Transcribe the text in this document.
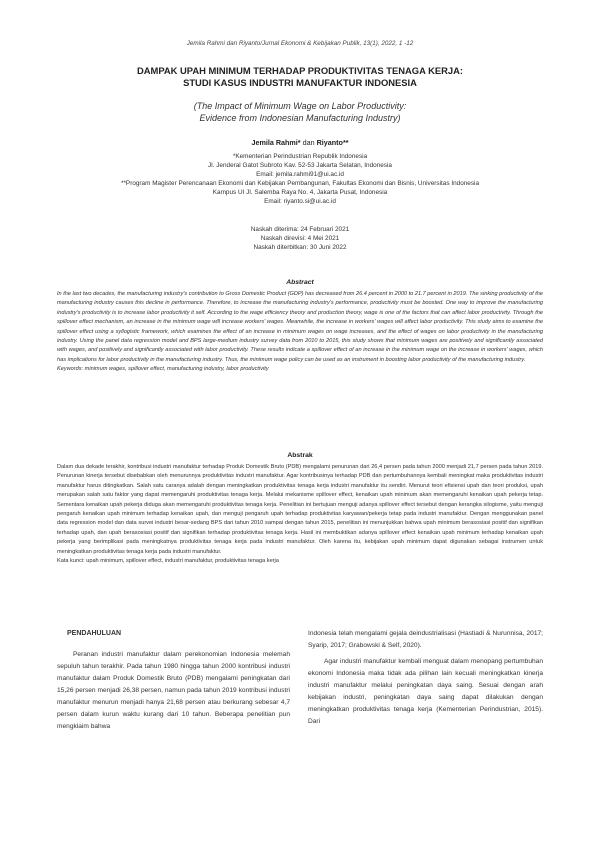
Jemila Rahmi dan Riyanto/Jurnal Ekonomi & Kebijakan Publik, 13(1), 2022, 1 -12
DAMPAK UPAH MINIMUM TERHADAP PRODUKTIVITAS TENAGA KERJA:
STUDI KASUS INDUSTRI MANUFAKTUR INDONESIA
(The Impact of Minimum Wage on Labor Productivity:
Evidence from Indonesian Manufacturing Industry)
Jemila Rahmi* dan Riyanto**
*Kementerian Perindustrian Republik Indonesia
Jl. Jenderal Gatot Subroto Kav. 52-53 Jakarta Selatan, Indonesia
Email: jemila.rahmi91@ui.ac.id
**Program Magister Perencanaan Ekonomi dan Kebijakan Pembangunan, Fakultas Ekonomi dan Bisnis, Universitas Indonesia
Kampus UI Jl. Salemba Raya No. 4, Jakarta Pusat, Indonesia
Email: riyanto.si@ui.ac.id
Naskah diterima: 24 Februari 2021
Naskah direvisi: 4 Mei 2021
Naskah diterbitkan: 30 Juni 2022
Abstract
In the last two decades, the manufacturing industry's contribution to Gross Domestic Product (GDP) has decreased from 26.4 percent in 2000 to 21.7 percent in 2019. The sinking productivity of the manufacturing industry causes this decline in performance. Therefore, to increase the manufacturing industry's performance, productivity must be boosted. One way to improve the manufacturing industry's productivity is to increase labor productivity it self. According to the wage efficiency theory and production theory, wage is one of the factors that can affect labor productivity. Through the spillover effect mechanism, an increase in the minimum wage will increase workers' wages. Meanwhile, the increase in workers' wages will affect labor productivity. This study aims to examine the spillover effect using a syllogistic framework, which examines the effect of an increase in minimum wages on wage increases, and the effect of wages on labor productivity in the manufacturing industry. Using the panel data regression model and BPS large-medium industry survey data from 2010 to 2015, this study shows that minimum wages are positively and significantly associated with wages, and positively and significantly associated with labor productivity. These results indicate a spillover effect of an increase in the minimum wage on the increase in workers' wages, which has implications for labor productivity in the manufacturing industry. Thus, the minimum wage policy can be used as an instrument in boosting labor productivity of the manufacturing industry.
Keywords: minimum wages, spillover effect, manufacturing industry, labor productivity
Abstrak
Dalam dua dekade terakhir, kontribusi industri manufaktur terhadap Produk Domestik Bruto (PDB) mengalami penurunan dari 26,4 persen pada tahun 2000 menjadi 21,7 persen pada tahun 2019. Penurunan kinerja tersebut disebabkan oleh menurunnya produktivitas industri manufaktur. Agar kontribusinya terhadap PDB dan pertumbuhannya kembali meningkat maka produktivitas industri manufaktur harus ditingkatkan. Salah satu caranya adalah dengan meningkatkan produktivitas tenaga kerja industri manufaktur itu sendiri. Menurut teori efisiensi upah dan teori produksi, upah merupakan salah satu faktor yang dapat memengaruhi produktivitas tenaga kerja. Melalui mekanisme spillover effect, kenaikan upah minimum akan memengaruhi kenaikan upah pekerja tetap. Sementara kenaikan upah pekerja diduga akan memengaruhi produktivitas tenaga kerja. Penelitian ini bertujuan menguji adanya spillover effect tersebut dengan kerangka silogisme, yaitu menguji pengaruh kenaikan upah minimum terhadap kenaikan upah, dan menguji pengaruh upah terhadap produktivitas karyawan/pekerja tetap pada industri manufaktur. Dengan menggunakan panel data regression model dan data survei industri besar-sedang BPS dari tahun 2010 sampai dengan tahun 2015, penelitian ini menunjukkan bahwa upah minimum berasosiasi positif dan signifikan terhadap upah, dan upah berasosiasi positif dan signifikan terhadap produktivitas tenaga kerja. Hasil ini membuktikan adanya spillover effect kenaikan upah minimum terhadap kenaikan upah pekerja yang berimplikasi pada meningkatnya produktivitas tenaga kerja pada industri manufaktur. Oleh karena itu, kebijakan upah minimum dapat digunakan sebagai instrumen untuk meningkatkan produktivitas tenaga kerja pada industri manufaktur.
Kata kunci: upah minimum, spillover effect, industri manufaktur, produktivitas tenaga kerja
PENDAHULUAN

Peranan industri manufaktur dalam perekonomian Indonesia melemah sepuluh tahun terakhir. Pada tahun 1980 hingga tahun 2000 kontribusi industri manufaktur dalam Produk Domestik Bruto (PDB) mengalami peningkatan dari 15,26 persen menjadi 26,38 persen, namun pada tahun 2019 kontribusi industri manufaktur menurun menjadi hanya 21,68 persen atau berkurang sebesar 4,7 persen dalam kurun waktu kurang dari 10 tahun. Beberapa penelitian pun mengklaim bahwa

Indonesia telah mengalami gejala deindustrialisasi (Hastiadi & Nurunnisa, 2017; Syarip, 2017; Grabowski & Self, 2020).

Agar industri manufaktur kembali menguat dalam menopang pertumbuhan ekonomi Indonesia maka tidak ada pilihan lain kecuali meningkatkan kinerja industri manufaktur melalui peningkatan daya saing. Sesuai dengan arah kebijakan industri, peningkatan daya saing dapat dilakukan dengan meningkatkan produktivitas tenaga kerja (Kementerian Perindustrian, 2015). Dari
